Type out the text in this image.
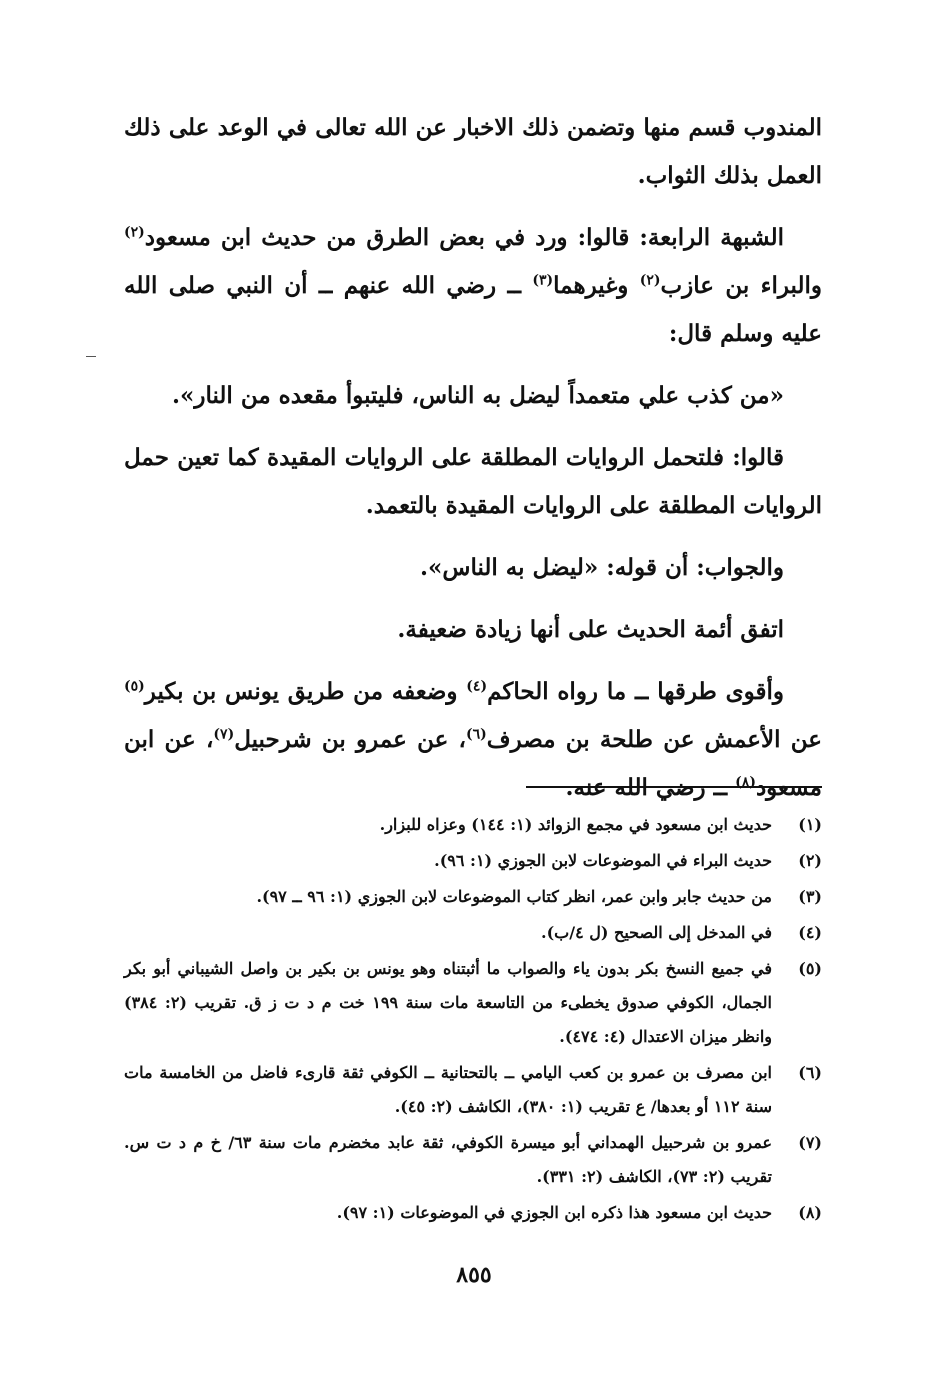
المندوب قسم منها وتضمن ذلك الاخبار عن الله تعالى في الوعد على ذلك العمل بذلك الثواب.

الشبهة الرابعة: قالوا: ورد في بعض الطرق من حديث ابن مسعود$^{(٢)}$ والبراء بن عازب$^{(٢)}$ وغيرهما$^{(٣)}$ ــ رضي الله عنهم ــ أن النبي صلى الله عليه وسلم قال:

«من كذب علي متعمداً ليضل به الناس، فليتبوأ مقعده من النار».

قالوا: فلتحمل الروايات المطلقة على الروايات المقيدة كما تعين حمل الروايات المطلقة على الروايات المقيدة بالتعمد.

والجواب: أن قوله: «ليضل به الناس».

اتفق أئمة الحديث على أنها زيادة ضعيفة.

وأقوى طرقها ــ ما رواه الحاكم$^{(٤)}$ وضعفه من طريق يونس بن بكير$^{(٥)}$ عن الأعمش عن طلحة بن مصرف$^{(٦)}$، عن عمرو بن شرحبيل$^{(٧)}$، عن ابن مسعود$^{(٨)}$ ــ رضي الله عنه.

(١)
حديث ابن مسعود في مجمع الزوائد (١: ١٤٤) وعزاه للبزار.
(٢)
حديث البراء في الموضوعات لابن الجوزي (١: ٩٦).
(٣)
من حديث جابر وابن عمر، انظر كتاب الموضوعات لابن الجوزي (١: ٩٦ ــ ٩٧).
(٤)
في المدخل إلى الصحيح (ل ٤/ب).
(٥)
في جميع النسخ بكر بدون ياء والصواب ما أثبتناه وهو يونس بن بكير بن واصل الشيباني أبو بكر الجمال، الكوفي صدوق يخطىء من التاسعة مات سنة ١٩٩ خت م د ت ز ق. تقريب (٢: ٣٨٤) وانظر ميزان الاعتدال (٤: ٤٧٤).
(٦)
ابن مصرف بن عمرو بن كعب اليامي ــ بالتحتانية ــ الكوفي ثقة قارىء فاضل من الخامسة مات سنة ١١٢ أو بعدها/ ع تقريب (١: ٣٨٠)، الكاشف (٢: ٤٥).
(٧)
عمرو بن شرحبيل الهمداني أبو ميسرة الكوفي، ثقة عابد مخضرم مات سنة ٦٣/ خ م د ت س. تقريب (٢: ٧٣)، الكاشف (٢: ٣٣١).
(٨)
حديث ابن مسعود هذا ذكره ابن الجوزي في الموضوعات (١: ٩٧).
٨٥٥
